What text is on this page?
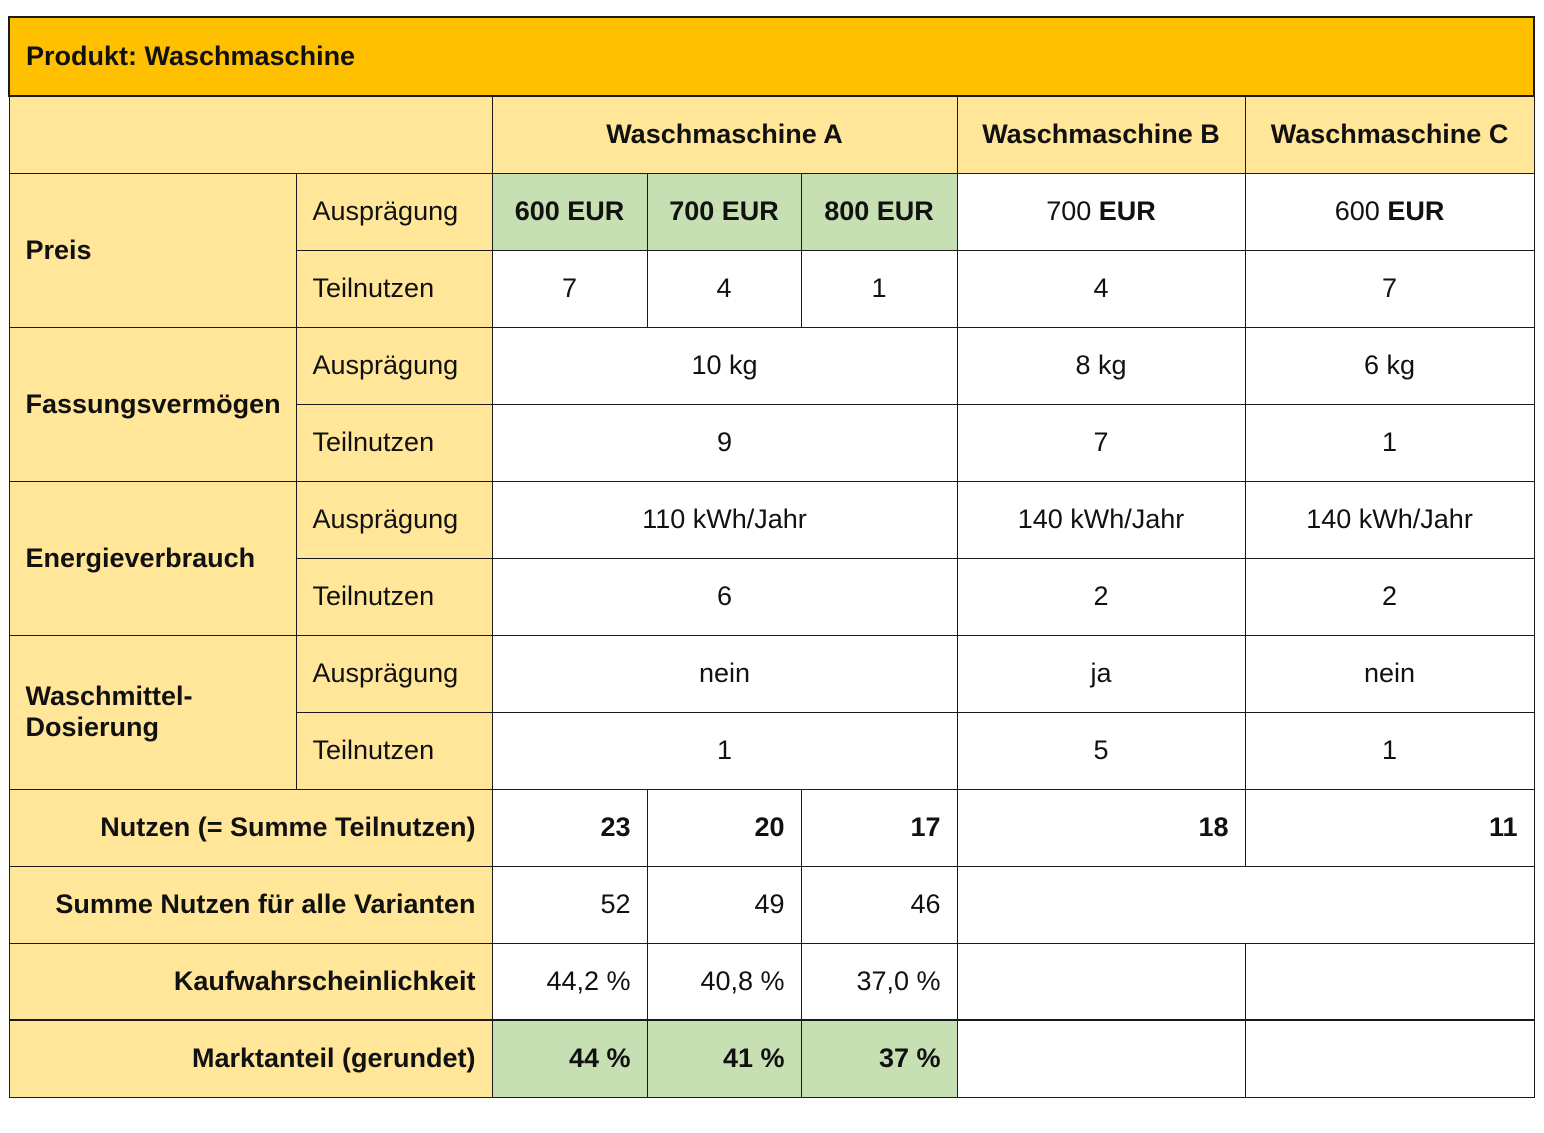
Produkt: Waschmaschine						
		Waschmaschine A			Waschmaschine B	Waschmaschine C
Preis	Ausprägung	600 EUR	700 EUR	800 EUR	700 EUR	600 EUR
	Teilnutzen	7	4	1	4	7
Fassungsvermögen	Ausprägung	10 kg			8 kg	6 kg
	Teilnutzen	9			7	1
Energieverbrauch	Ausprägung	110 kWh/Jahr			140 kWh/Jahr	140 kWh/Jahr
	Teilnutzen	6			2	2
Waschmittel-
Dosierung	Ausprägung	nein			ja	nein
	Teilnutzen	1			5	1
Nutzen (= Summe Teilnutzen)		23	20	17	18	11
Summe Nutzen für alle Varianten		52	49	46		
Kaufwahrscheinlichkeit		44,2 %	40,8 %	37,0 %		
Marktanteil (gerundet)		44 %	41 %	37 %		
